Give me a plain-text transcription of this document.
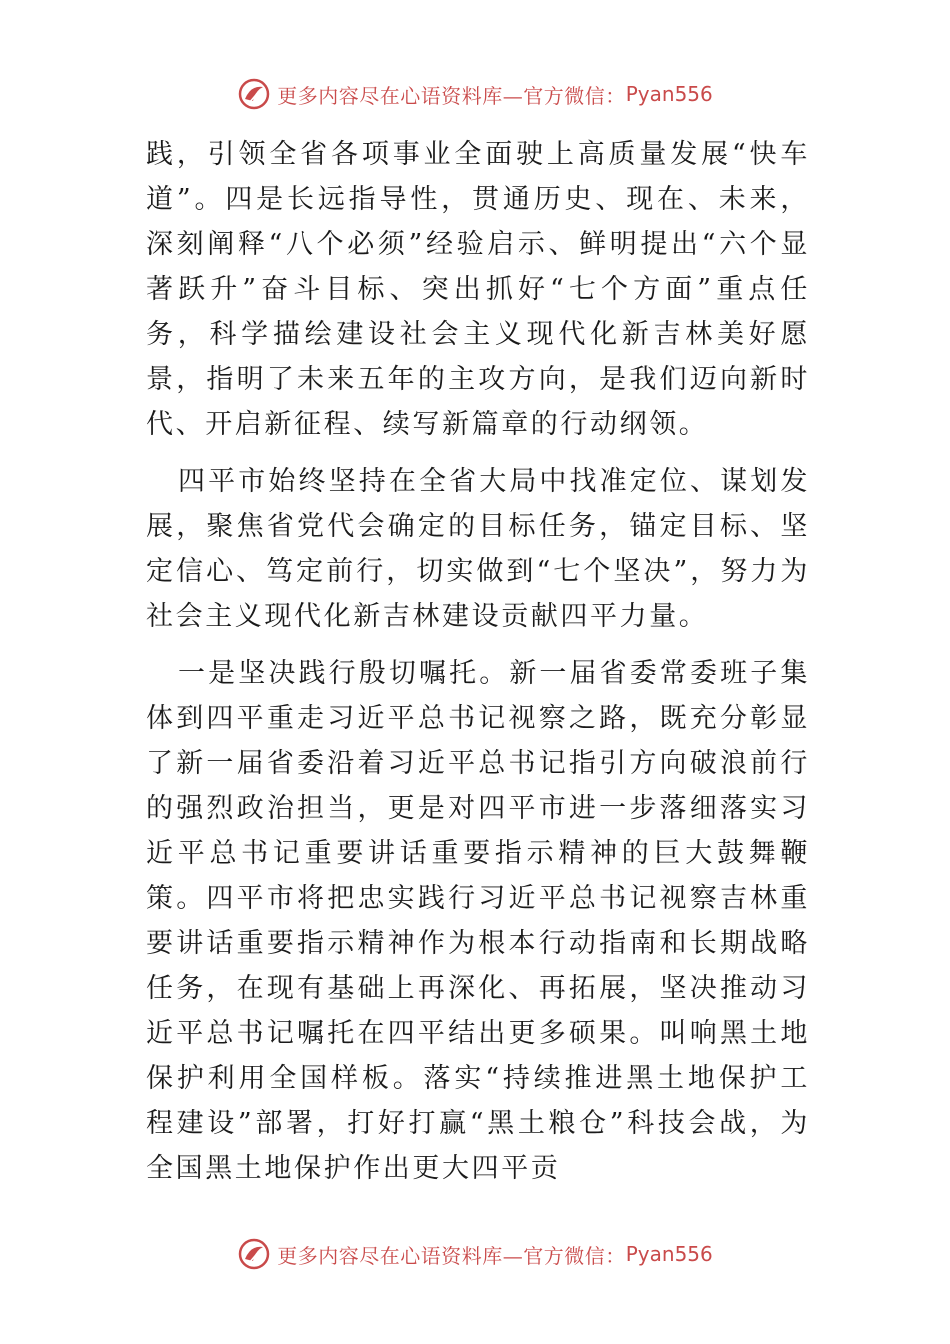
更多内容尽在心语资料库—官方微信： Pyan556

践，引领全省各项事业全面驶上高质量发展“快车道”。四是长远指导性，贯通历史、现在、未来，深刻阐释“八个必须”经验启示、鲜明提出“六个显著跃升”奋斗目标、突出抓好“七个方面”重点任务，科学描绘建设社会主义现代化新吉林美好愿景，指明了未来五年的主攻方向，是我们迈向新时代、开启新征程、续写新篇章的行动纲领。

四平市始终坚持在全省大局中找准定位、谋划发展，聚焦省党代会确定的目标任务，锚定目标、坚定信心、笃定前行，切实做到“七个坚决”，努力为社会主义现代化新吉林建设贡献四平力量。

一是坚决践行殷切嘱托。新一届省委常委班子集体到四平重走习近平总书记视察之路，既充分彰显了新一届省委沿着习近平总书记指引方向破浪前行的强烈政治担当，更是对四平市进一步落细落实习近平总书记重要讲话重要指示精神的巨大鼓舞鞭策。四平市将把忠实践行习近平总书记视察吉林重要讲话重要指示精神作为根本行动指南和长期战略任务，在现有基础上再深化、再拓展，坚决推动习近平总书记嘱托在四平结出更多硕果。叫响黑土地保护利用全国样板。落实“持续推进黑土地保护工程建设”部署，打好打赢“黑土粮仓”科技会战，为全国黑土地保护作出更大四平贡

更多内容尽在心语资料库—官方微信： Pyan556
